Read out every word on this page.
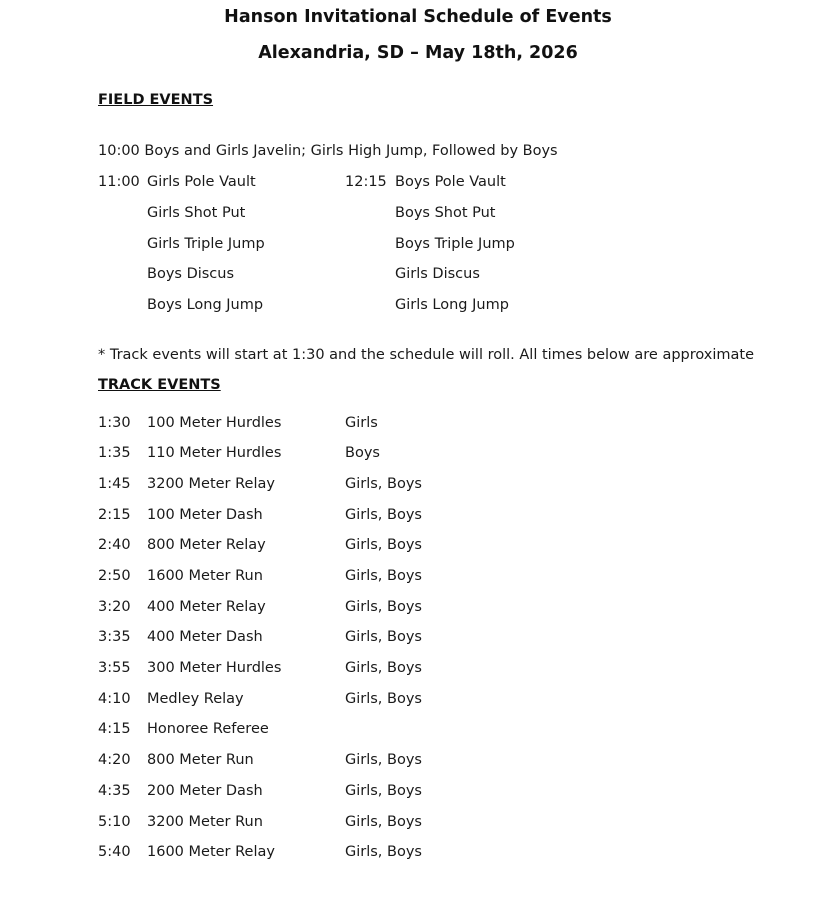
Hanson Invitational Schedule of Events
Alexandria, SD – May 18th, 2026
FIELD EVENTS
10:00 Boys and Girls Javelin; Girls High Jump, Followed by Boys
11:00 Girls Pole Vault	12:15 Boys Pole Vault
Girls Shot Put	Boys Shot Put
Girls Triple Jump	Boys Triple Jump
Boys Discus	Girls Discus
Boys Long Jump	Girls Long Jump
* Track events will start at 1:30 and the schedule will roll. All times below are approximate
TRACK EVENTS
1:30 100 Meter Hurdles	Girls
1:35 110 Meter Hurdles	Boys
1:45 3200 Meter Relay	Girls, Boys
2:15 100 Meter Dash	Girls, Boys
2:40 800 Meter Relay	Girls, Boys
2:50 1600 Meter Run	Girls, Boys
3:20 400 Meter Relay	Girls, Boys
3:35 400 Meter Dash	Girls, Boys
3:55 300 Meter Hurdles	Girls, Boys
4:10 Medley Relay	Girls, Boys
4:15 Honoree Referee
4:20 800 Meter Run	Girls, Boys
4:35 200 Meter Dash	Girls, Boys
5:10 3200 Meter Run	Girls, Boys
5:40 1600 Meter Relay	Girls, Boys
